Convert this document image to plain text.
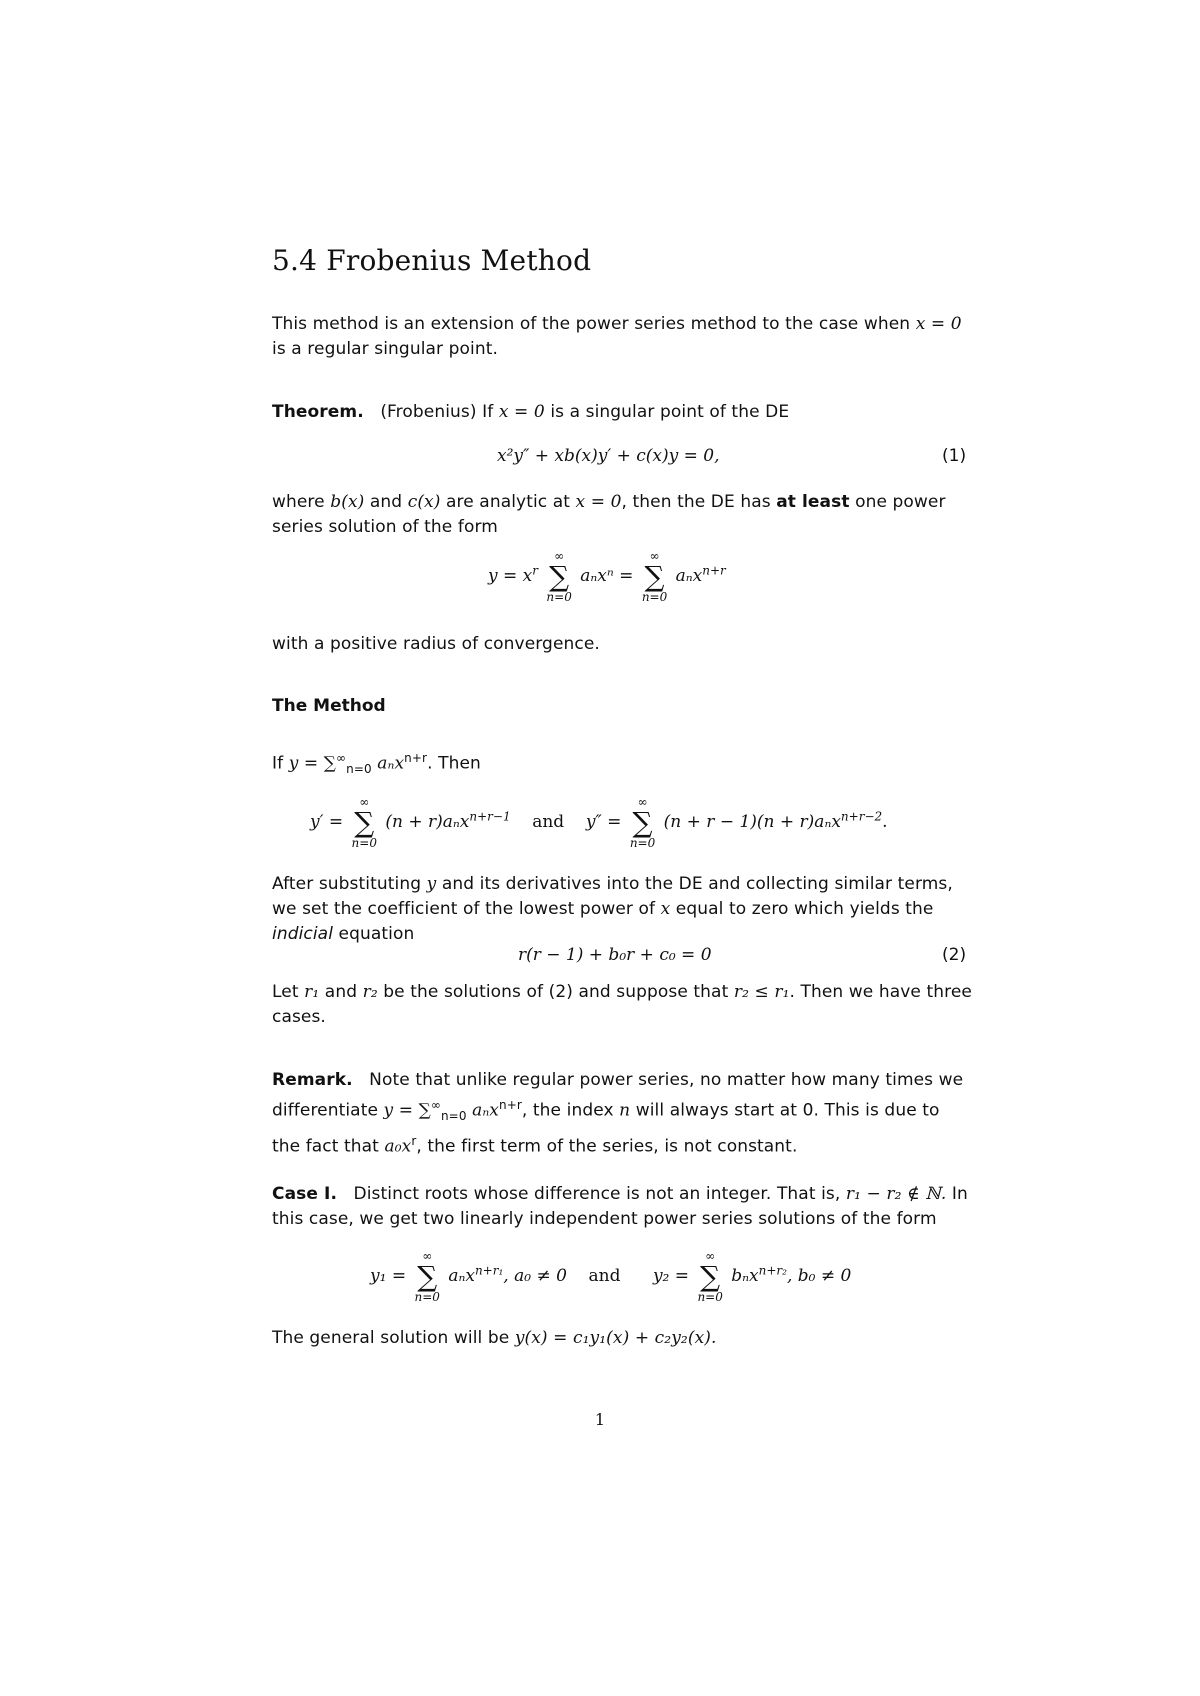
5.4 Frobenius Method
This method is an extension of the power series method to the case when x = 0
is a regular singular point.
Theorem. (Frobenius) If x = 0 is a singular point of the DE
x²y″ + xb(x)y′ + c(x)y = 0,	(1)
where b(x) and c(x) are analytic at x = 0, then the DE has at least one power series solution of the form
$y = x^r$
∞
∑
n=0
aₙxⁿ =
∞
∑
n=0
aₙx$^{n+r}$
with a positive radius of convergence.
The Method
If $y = \sum^\infty_{n=0}$ aₙx$^{n+r}$. Then
y′ =
∞
∑
n=0
(n + r)aₙx$^{n+r-1}$ and y″ =
∞
∑
n=0
(n + r − 1)(n + r)aₙx$^{n+r-2}$.
After substituting y and its derivatives into the DE and collecting similar terms, we set the coefficient of the lowest power of x equal to zero which yields the indicial equation
r(r − 1) + b₀r + c₀ = 0	(2)
Let r₁ and r₂ be the solutions of (2) and suppose that r₂ ≤ r₁. Then we have three cases.
Remark. Note that unlike regular power series, no matter how many times we differentiate $y = \sum^\infty_{n=0}$ aₙx$^{n+r}$, the index n will always start at 0. This is due to the fact that $a_0x^r$, the first term of the series, is not constant.
Case I. Distinct roots whose difference is not an integer. That is, r₁ − r₂ ∉ ℕ. In this case, we get two linearly independent power series solutions of the form
y₁ =
∞
∑
n=0
aₙx$^{n+r_1}$, a₀ ≠ 0 and y₂ =
∞
∑
n=0
bₙx$^{n+r_2}$, b₀ ≠ 0
The general solution will be y(x) = c₁y₁(x) + c₂y₂(x).
1
